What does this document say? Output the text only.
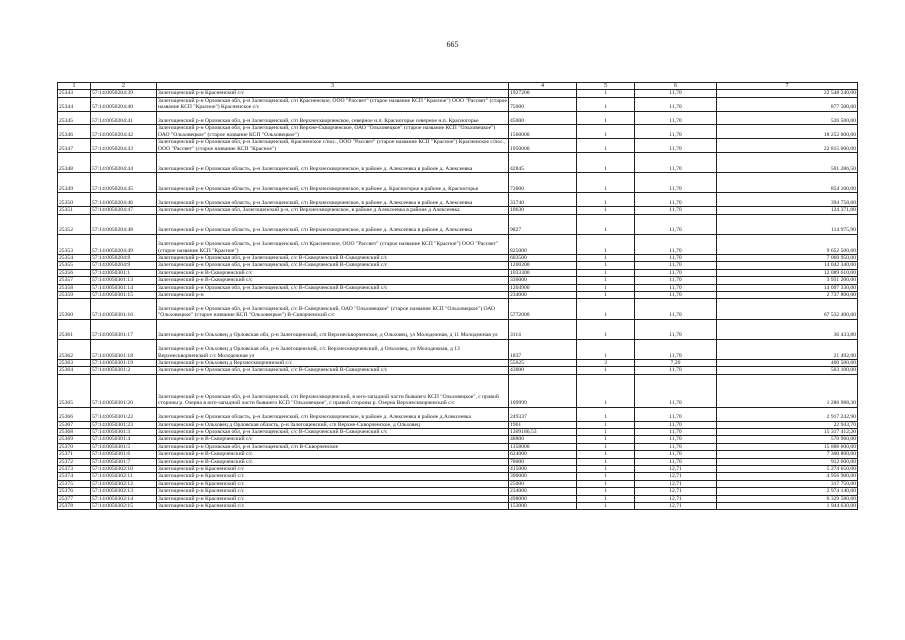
665
1	2	3	4	5	6	7
25343	57:14:0050204:39	Залегощенский р-н Красненский с/с	1927200	1	11,70	22 548 240,00
25344	57:14:0050204:40	Залегощенский р-н Орловская обл, р-н Залегощенский, с/п Красненское, ООО "Рассвет" (старое название КСП "Красное") ООО "Рассвет" (старое название КСП "Красное") Красненское с/с	75000	1	11,70	877 500,00
25345	57:14:0050204:41	Залегощенский р-н Орловская обл, р-н Залегощенский, с/п Верхнескворченское, северное н.п. Красногорье северное н.п. Красногорье	45000	1	11,70	526 500,00
25346	57:14:0050204:42	Залегощенский р-н Орловская обл, р-н Залегощенский, с/п Верхне-Скворченское, ОАО "Ольховецкое" (старое название КСП "Ольховецкое") ОАО "Ольховецкое" (старое название КСП "Ольховецкое")	1560000	1	11,70	18 252 000,00
25347	57:14:0050204:43	Залегощенский р-н Орловская обл, р-н Залегощенский, Красненское с/пос., ООО "Рассвет" (старое название КСП "Красное") Красненское с/пос., ООО "Рассвет" (старое название КСП "Красное")	1950000	1	11,70	22 815 000,00
25348	57:14:0050204:44	Залегощенский р-н Орловская область, р-н Залегощенский, с/п Верхнескворченское, в районе д. Алексеевка в районе д. Алексеевка	42845	1	11,70	501 286,50
25349	57:14:0050204:45	Залегощенский р-н Орловская область, р-н Залегощенский, с/п Верхнескворченское, в районе д. Красногорье в районе д. Красногорье	73000	1	11,70	854 100,00
25350	57:14:0050204:46	Залегощенский р-н Орловская область, р-н Залегощенский, с/п Верхнескворченское, в районе д. Алексеевка в районе д. Алексеевка	33740	1	11,70	394 758,00
25351	57:14:0050204:47	Залегощенский р-н Орловская обл, Залегощенский р-н, с/п Верхнескворченское, в районе д Алексеевка в районе д Алексеевка	10630	1	11,70	124 371,00
25352	57:14:0050204:48	Залегощенский р-н Орловская область, р-н Залегощенский, с/п Верхнескворченское, в районе д. Алексеевка в районе д. Алексеевка	9827	1	11,70	114 975,90
25353	57:14:0050204:49	Залегощенский р-н Орловская область, р-н Залегощенский, с/п Красненское, ООО "Рассвет" (старое название КСП "Красное") ООО "Рассвет" (старое название КСП "Красное")	825000	1	11,70	9 652 500,00
25354	57:14:0050204:8	Залегощенский р-н Орловская обл, р-н Залегощенский, с/с В-Скворченский В-Скворченский с/с	603500	1	11,70	7 060 950,00
25355	57:14:0050204:9	Залегощенский р-н Орловская обл, р-н Залегощенский, с/с В-Скворченский В-Скворченский с/с	1200200	1	11,70	14 042 340,00
25356	57:14:0050301:1	Залегощенский р-н В-Скворченский с/с	1033300	1	11,70	12 089 610,00
25357	57:14:0050301:13	Залегощенский р-н В-Скворченский с/с	336000	1	11,70	3 931 200,00
25358	57:14:0050301:14	Залегощенский р-н Орловская обл, р-н Залегощенский, с/с В-Скворченский В-Скворченский с/с	1204900	1	11,70	14 097 330,00
25359	57:14:0050301:15	Залегощенский р-н	234000	1	11,70	2 737 800,00
25360	57:14:0050301:16	Залегощенский р-н Орловская обл, р-н Залегощенский, с/с В-Скворченский, ОАО "Ольховецкое" (старое название КСП "Ольховецкое") ОАО "Ольховецкое" (старое название КСП "Ольховецкое") В-Скворченский с/с	5772000	1	11,70	67 532 400,00
25361	57:14:0050301:17	Залегощенский р-н Ольховец д Орловская обл, р-н Залегощенский, с/п Верхнескворченское, д Ольховец, ул Молодежная, д 11 Молодежная ул	3114	1	11,70	36 433,80
25362	57:14:0050301:18	Залегощенский р-н Ольховец д Орловская обл, р-н Залегощенский, с/с Верхнескворченский, д Ольховец, ул Молодежная, д 13 Верхнескворченский с/с Молодежная ул	1837	1	11,70	21 492,90
25363	57:14:0050301:19	Залегощенский р-н Ольховец д Верхнескворчинский с/с	55625	3	7,20	400 500,00
25364	57:14:0050301:2	Залегощенский р-н Орловская обл, р-н Залегощенский, с/с В-Скворченский В-Скворченский с/с	43000	1	11,70	503 100,00
25365	57:14:0050301:20	Залегощенский р-н Орловская обл, р-н Залегощенский, с/п Верхнескворченский, в юго-западной части бывшего КСП "Ольховецкое", с правой стороны р. Озерна в юго-западной части бывшего КСП "Ольховецкое", с правой стороны р. Озерна Верхнескворченский с/с	109999	1	11,70	1 286 988,30
25366	57:14:0050301:22	Залегощенский р-н Орловская область, р-н Залегощенский, с/п Верхнескворченское, в районе д. Алексеевка в районе д.Алексеевка	249337	1	11,70	2 917 242,90
25367	57:14:0050301:23	Залегощенский р-н Ольховец д Орловская область, р-н Залегощенский, с/п Верхне-Скворченское, д Ольховец	1961	1	11,70	22 943,70
25368	57:14:0050301:3	Залегощенский р-н Орловская обл, р-н Залегощенский, с/с В-Скворченский В-Скворченский с/с	1309180,53	1	11,70	15 317 412,20
25369	57:14:0050301:4	Залегощенский р-н В-Скворченский с/с	48800	1	11,70	570 960,00
25370	57:14:0050301:5	Залегощенский р-н Орловская обл, р-н Залегощенский, с/п В-Скворченское	1358000	1	11,70	15 888 600,00
25371	57:14:0050301:6	Залегощенский р-н В-Скворченский с/с	624000	1	11,70	7 300 800,00
25372	57:14:0050301:7	Залегощенский р-н В-Скворченский с/с	78000	1	11,70	912 600,00
25373	57:14:0050302:10	Залегощенский р-н Красненский с/с	415000	1	12,71	5 274 650,00
25374	57:14:0050302:11	Залегощенский р-н Красненский с/с	390000	1	12,71	4 956 900,00
25375	57:14:0050302:12	Залегощенский р-н Красненский с/с	25000	1	12,71	317 750,00
25376	57:14:0050302:13	Залегощенский р-н Красненский с/с	234000	1	12,71	2 974 140,00
25377	57:14:0050302:14	Залегощенский р-н Красненский с/с	498000	1	12,71	6 329 580,00
25378	57:14:0050302:15	Залегощенский р-н Красненский с/с	153000	1	12,71	1 944 630,00
